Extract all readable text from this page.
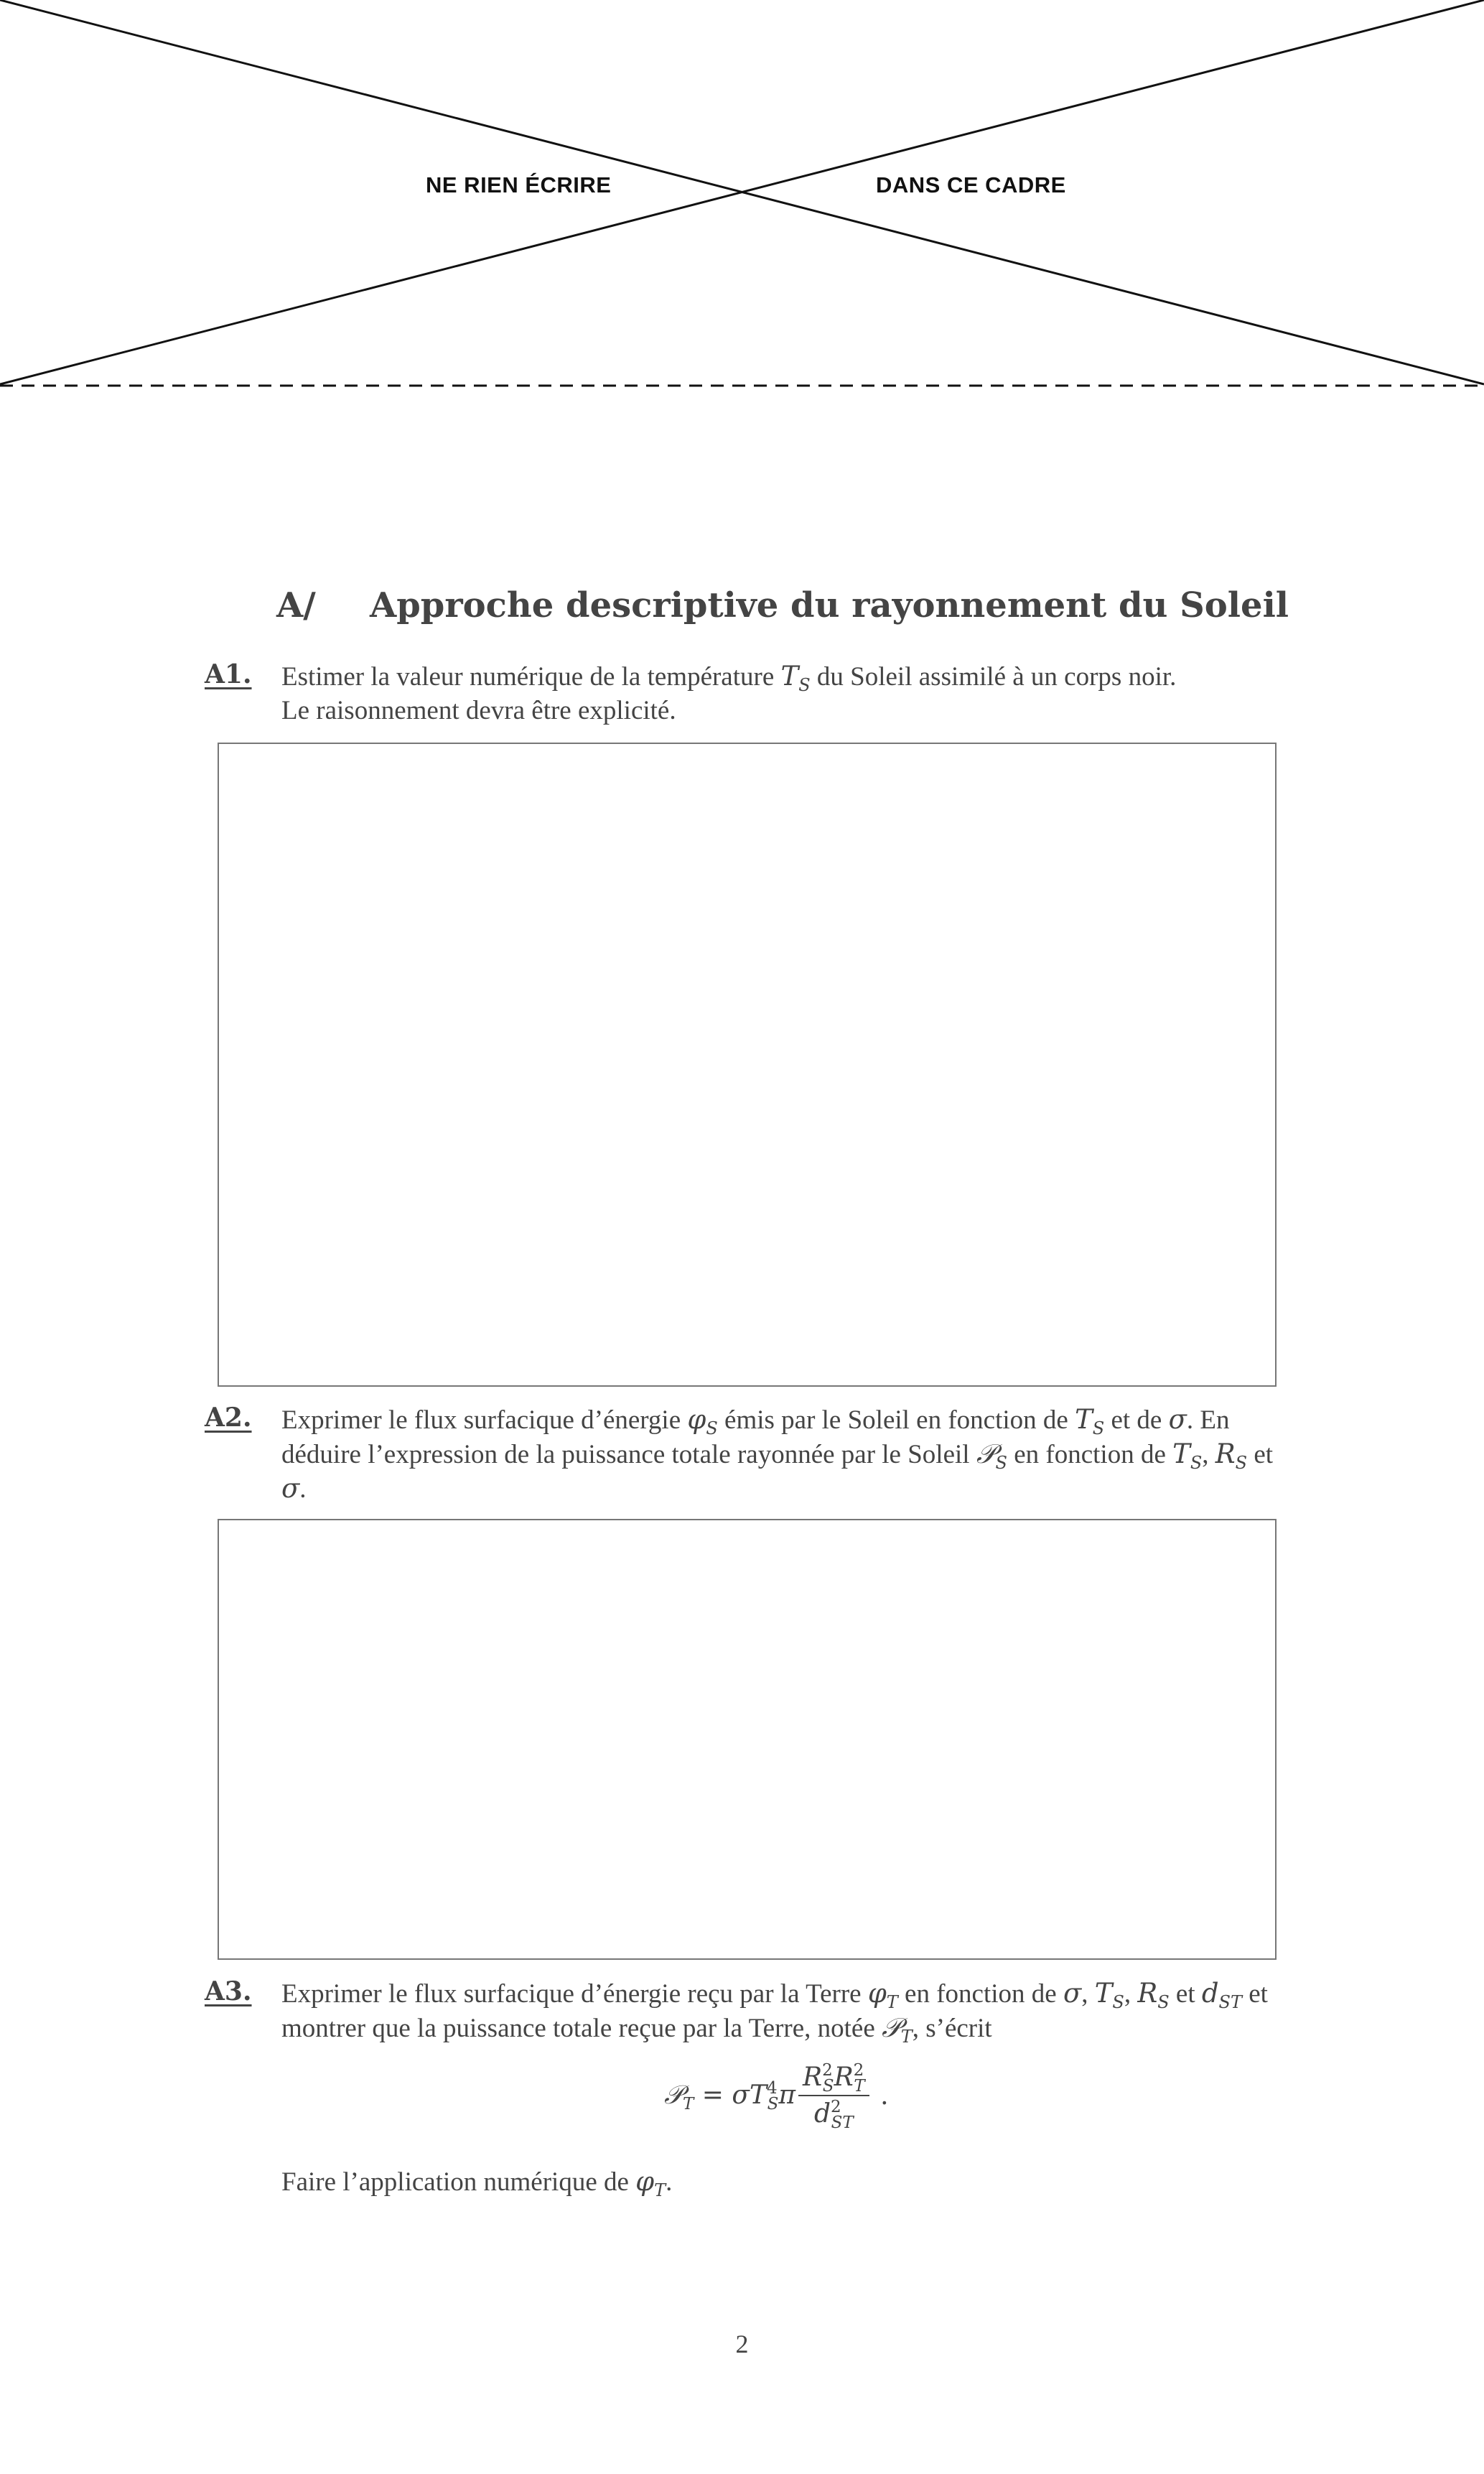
NE RIEN ÉCRIRE	DANS CE CADRE
A/ Approche descriptive du rayonnement du Soleil
A1. Estimer la valeur numérique de la température $T_S$ du Soleil assimilé à un corps noir.
Le raisonnement devra être explicité.
A2. Exprimer le flux surfacique d’énergie $\varphi_S$ émis par le Soleil en fonction de $T_S$ et de σ. En déduire l’expression de la puissance totale rayonnée par le Soleil 𝒫$_S$ en fonction de $T_S$, $R_S$ et σ.
A3. Exprimer le flux surfacique d’énergie reçu par la Terre $\varphi_T$ en fonction de σ, $T_S$, $R_S$ et $d_{ST}$ et montrer que la puissance totale reçue par la Terre, notée 𝒫$_T$, s’écrit
𝒫$_T$ = $\sigma T^4_S\pi \frac{R^2_SR^2_T}{d^2_{ST}}$ .
Faire l’application numérique de $\varphi_T$.
2
